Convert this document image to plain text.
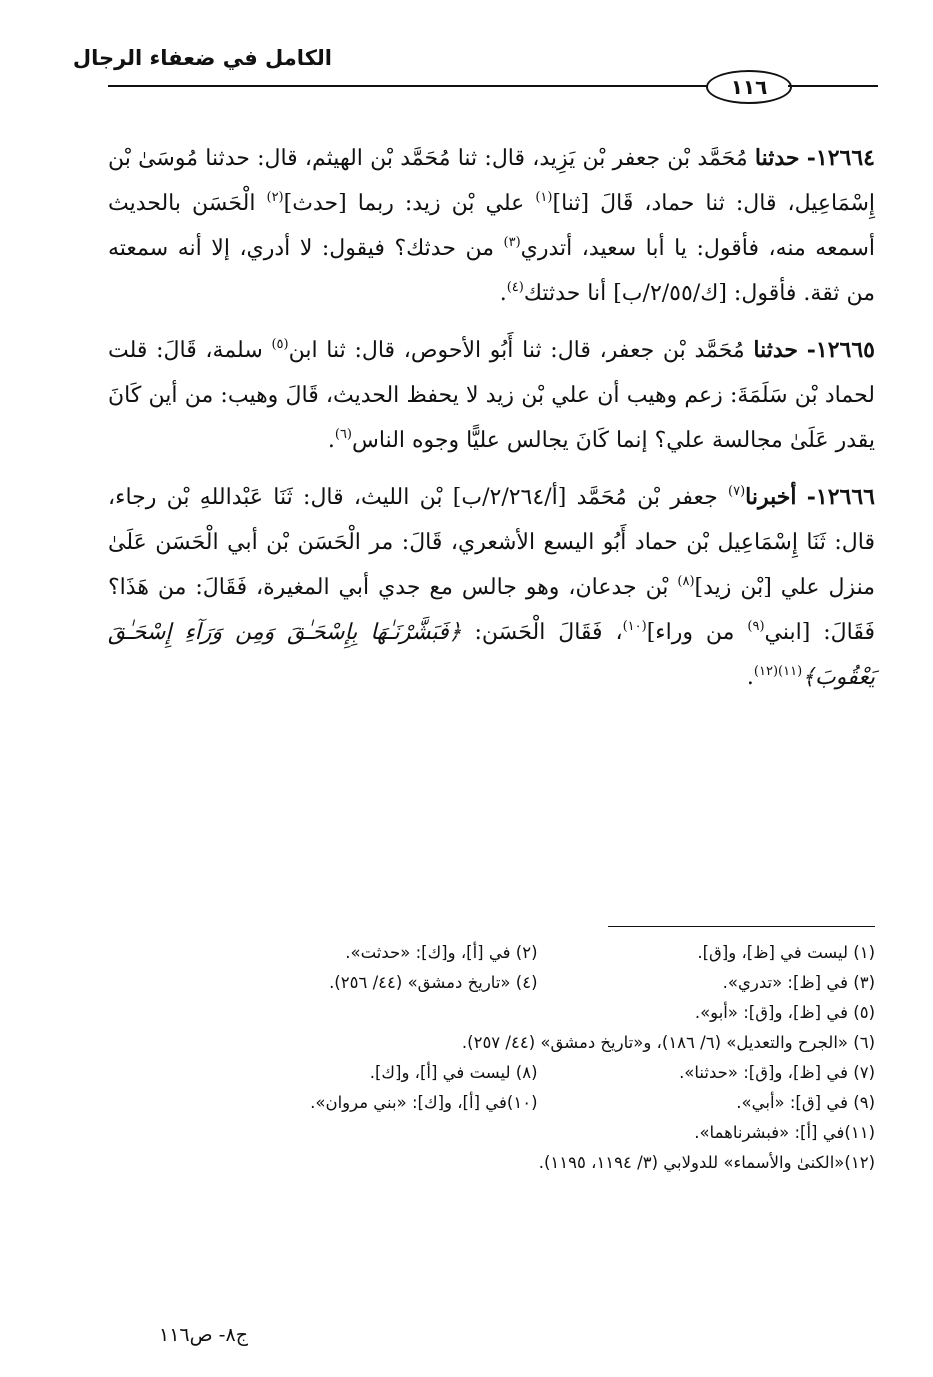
الكامل في ضعفاء الرجال
١١٦

١٢٦٦٤- حدثنا مُحَمَّد بْن جعفر بْن يَزِيد، قال: ثنا مُحَمَّد بْن الهيثم، قال: حدثنا مُوسَىٰ بْن إِسْمَاعِيل، قال: ثنا حماد، قَالَ [ثنا]$^{(١)}$ علي بْن زيد: ربما [حدث]$^{(٢)}$ الْحَسَن بالحديث أسمعه منه، فأقول: يا أبا سعيد، أتدري$^{(٣)}$ من حدثك؟ فيقول: لا أدري، إلا أنه سمعته من ثقة. فأقول: [ك/٢/٥٥/ب] أنا حدثتك$^{(٤)}$.

١٢٦٦٥- حدثنا مُحَمَّد بْن جعفر، قال: ثنا أَبُو الأحوص، قال: ثنا ابن$^{(٥)}$ سلمة، قَالَ: قلت لحماد بْن سَلَمَةَ: زعم وهيب أن علي بْن زيد لا يحفظ الحديث، قَالَ وهيب: من أين كَانَ يقدر عَلَىٰ مجالسة علي؟ إنما كَانَ يجالس عليًّا وجوه الناس$^{(٦)}$.

١٢٦٦٦- أخبرنا$^{(٧)}$ جعفر بْن مُحَمَّد [أ/٢/٢٦٤/ب] بْن الليث، قال: ثَنَا عَبْداللهِ بْن رجاء، قال: ثَنَا إِسْمَاعِيل بْن حماد أَبُو اليسع الأشعري، قَالَ: مر الْحَسَن بْن أبي الْحَسَن عَلَىٰ منزل علي [بْن زيد]$^{(٨)}$ بْن جدعان، وهو جالس مع جدي أبي المغيرة، فَقَالَ: من هَذَا؟ فَقَالَ: [ابني$^{(٩)}$ من وراء]$^{(١٠)}$، فَقَالَ الْحَسَن: ﴿فَبَشَّرْنَـٰهَا بِإِسْحَـٰقَ وَمِن وَرَآءِ إِسْحَـٰقَ يَعْقُوبَ﴾$^{(١١)(١٢)}$.

(١) ليست في [ظ]، و[ق].
(٢) في [أ]، و[ك]: «حدثت».
(٣) في [ظ]: «تدري».
(٤) «تاريخ دمشق» (٤٤/ ٢٥٦).
(٥) في [ظ]، و[ق]: «أبو».
(٦) «الجرح والتعديل» (٦/ ١٨٦)، و«تاريخ دمشق» (٤٤/ ٢٥٧).
(٧) في [ظ]، و[ق]: «حدثنا».
(٨) ليست في [أ]، و[ك].
(٩) في [ق]: «أبي».
(١٠)في [أ]، و[ك]: «بني مروان».
(١١)في [أ]: «فبشرناهما».
(١٢)«الكنىٰ والأسماء» للدولابي (٣/ ١١٩٤، ١١٩٥).
ج٨- ص١١٦
